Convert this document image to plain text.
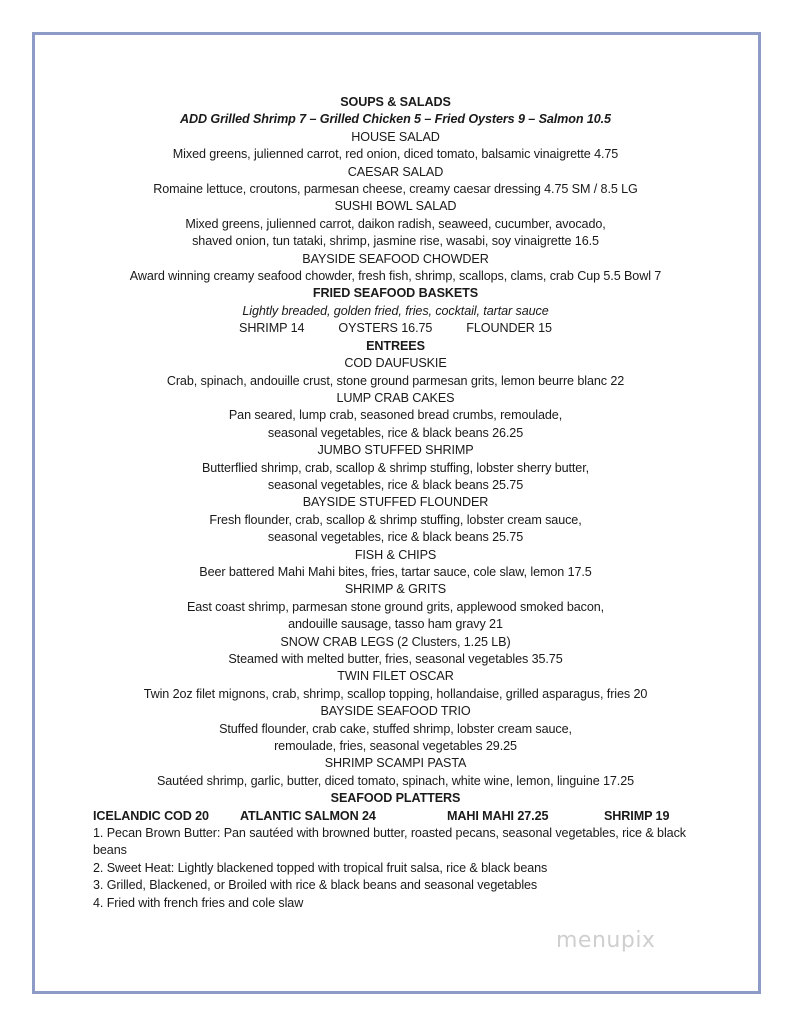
SOUPS & SALADS
ADD Grilled Shrimp 7 – Grilled Chicken 5 – Fried Oysters 9 – Salmon 10.5
HOUSE SALAD
Mixed greens, julienned carrot, red onion, diced tomato, balsamic vinaigrette 4.75
CAESAR SALAD
Romaine lettuce, croutons, parmesan cheese, creamy caesar dressing 4.75 SM / 8.5 LG
SUSHI BOWL SALAD
Mixed greens, julienned carrot, daikon radish, seaweed, cucumber, avocado,
shaved onion, tun tataki, shrimp, jasmine rise, wasabi, soy vinaigrette 16.5
BAYSIDE SEAFOOD CHOWDER
Award winning creamy seafood chowder, fresh fish, shrimp, scallops, clams, crab Cup 5.5 Bowl 7
FRIED SEAFOOD BASKETS
Lightly breaded, golden fried, fries, cocktail, tartar sauce
SHRIMP 14	OYSTERS 16.75	FLOUNDER 15
ENTREES
COD DAUFUSKIE
Crab, spinach, andouille crust, stone ground parmesan grits, lemon beurre blanc 22
LUMP CRAB CAKES
Pan seared, lump crab, seasoned bread crumbs, remoulade,
seasonal vegetables, rice & black beans 26.25
JUMBO STUFFED SHRIMP
Butterflied shrimp, crab, scallop & shrimp stuffing, lobster sherry butter,
seasonal vegetables, rice & black beans 25.75
BAYSIDE STUFFED FLOUNDER
Fresh flounder, crab, scallop & shrimp stuffing, lobster cream sauce,
seasonal vegetables, rice & black beans 25.75
FISH & CHIPS
Beer battered Mahi Mahi bites, fries, tartar sauce, cole slaw, lemon 17.5
SHRIMP & GRITS
East coast shrimp, parmesan stone ground grits, applewood smoked bacon,
andouille sausage, tasso ham gravy 21
SNOW CRAB LEGS (2 Clusters, 1.25 LB)
Steamed with melted butter, fries, seasonal vegetables 35.75
TWIN FILET OSCAR
Twin 2oz filet mignons, crab, shrimp, scallop topping, hollandaise, grilled asparagus, fries 20
BAYSIDE SEAFOOD TRIO
Stuffed flounder, crab cake, stuffed shrimp, lobster cream sauce,
remoulade, fries, seasonal vegetables 29.25
SHRIMP SCAMPI PASTA
Sautéed shrimp, garlic, butter, diced tomato, spinach, white wine, lemon, linguine 17.25
SEAFOOD PLATTERS
ICELANDIC COD 20 ATLANTIC SALMON 24	MAHI MAHI 27.25	SHRIMP 19
1. Pecan Brown Butter: Pan sautéed with browned butter, roasted pecans, seasonal vegetables, rice & black beans
2. Sweet Heat: Lightly blackened topped with tropical fruit salsa, rice & black beans
3. Grilled, Blackened, or Broiled with rice & black beans and seasonal vegetables
4. Fried with french fries and cole slaw
menupix
